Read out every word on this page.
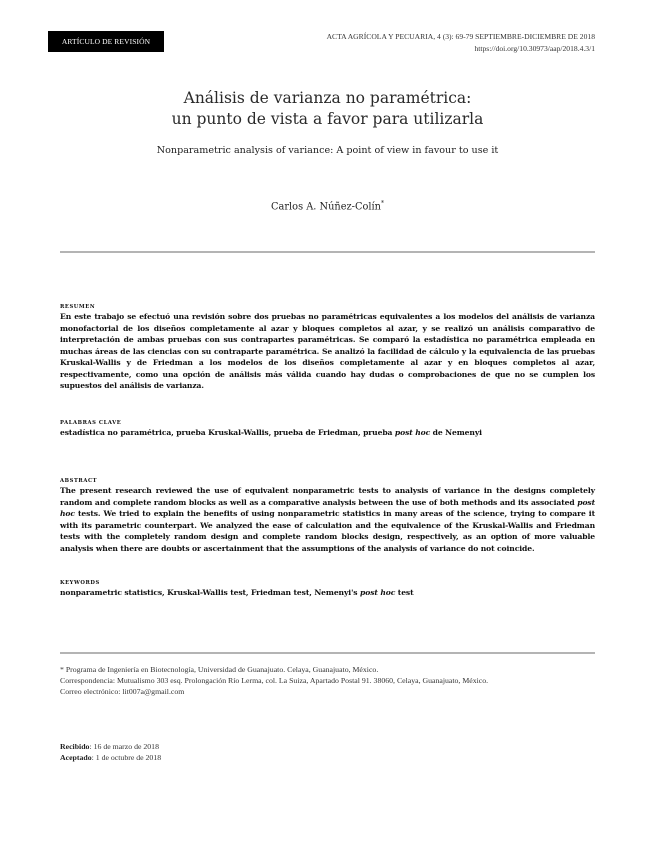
ARTÍCULO DE REVISIÓN
ACTA AGRÍCOLA Y PECUARIA, 4 (3): 69-79 SEPTIEMBRE-DICIEMBRE DE 2018
https://doi.org/10.30973/aap/2018.4.3/1
Análisis de varianza no paramétrica:
un punto de vista a favor para utilizarla
Nonparametric analysis of variance: A point of view in favour to use it
Carlos A. Núñez-Colín*
RESUMEN
En este trabajo se efectuó una revisión sobre dos pruebas no paramétricas equivalentes a los modelos del análisis de varianza monofactorial de los diseños completamente al azar y bloques completos al azar, y se realizó un análisis comparativo de interpretación de ambas pruebas con sus contrapartes paramétricas. Se comparó la estadística no paramétrica empleada en muchas áreas de las ciencias con su contraparte paramétrica. Se analizó la facilidad de cálculo y la equivalencia de las pruebas Kruskal-Wallis y de Friedman a los modelos de los diseños completamente al azar y en bloques completos al azar, respectivamente, como una opción de análisis más válida cuando hay dudas o comprobaciones de que no se cumplen los supuestos del análisis de varianza.
PALABRAS CLAVE
estadística no paramétrica, prueba Kruskal-Wallis, prueba de Friedman, prueba post hoc de Nemenyi
ABSTRACT
The present research reviewed the use of equivalent nonparametric tests to analysis of variance in the designs completely random and complete random blocks as well as a comparative analysis between the use of both methods and its associated post hoc tests. We tried to explain the benefits of using nonparametric statistics in many areas of the science, trying to compare it with its parametric counterpart. We analyzed the ease of calculation and the equivalence of the Kruskal-Wallis and Friedman tests with the completely random design and complete random blocks design, respectively, as an option of more valuable analysis when there are doubts or ascertainment that the assumptions of the analysis of variance do not coincide.
KEYWORDS
nonparametric statistics, Kruskal-Wallis test, Friedman test, Nemenyi's post hoc test
* Programa de Ingeniería en Biotecnología, Universidad de Guanajuato. Celaya, Guanajuato, México.
Correspondencia: Mutualismo 303 esq. Prolongación Río Lerma, col. La Suiza, Apartado Postal 91. 38060, Celaya, Guanajuato, México.
Correo electrónico: lit007a@gmail.com
Recibido: 16 de marzo de 2018
Aceptado: 1 de octubre de 2018
